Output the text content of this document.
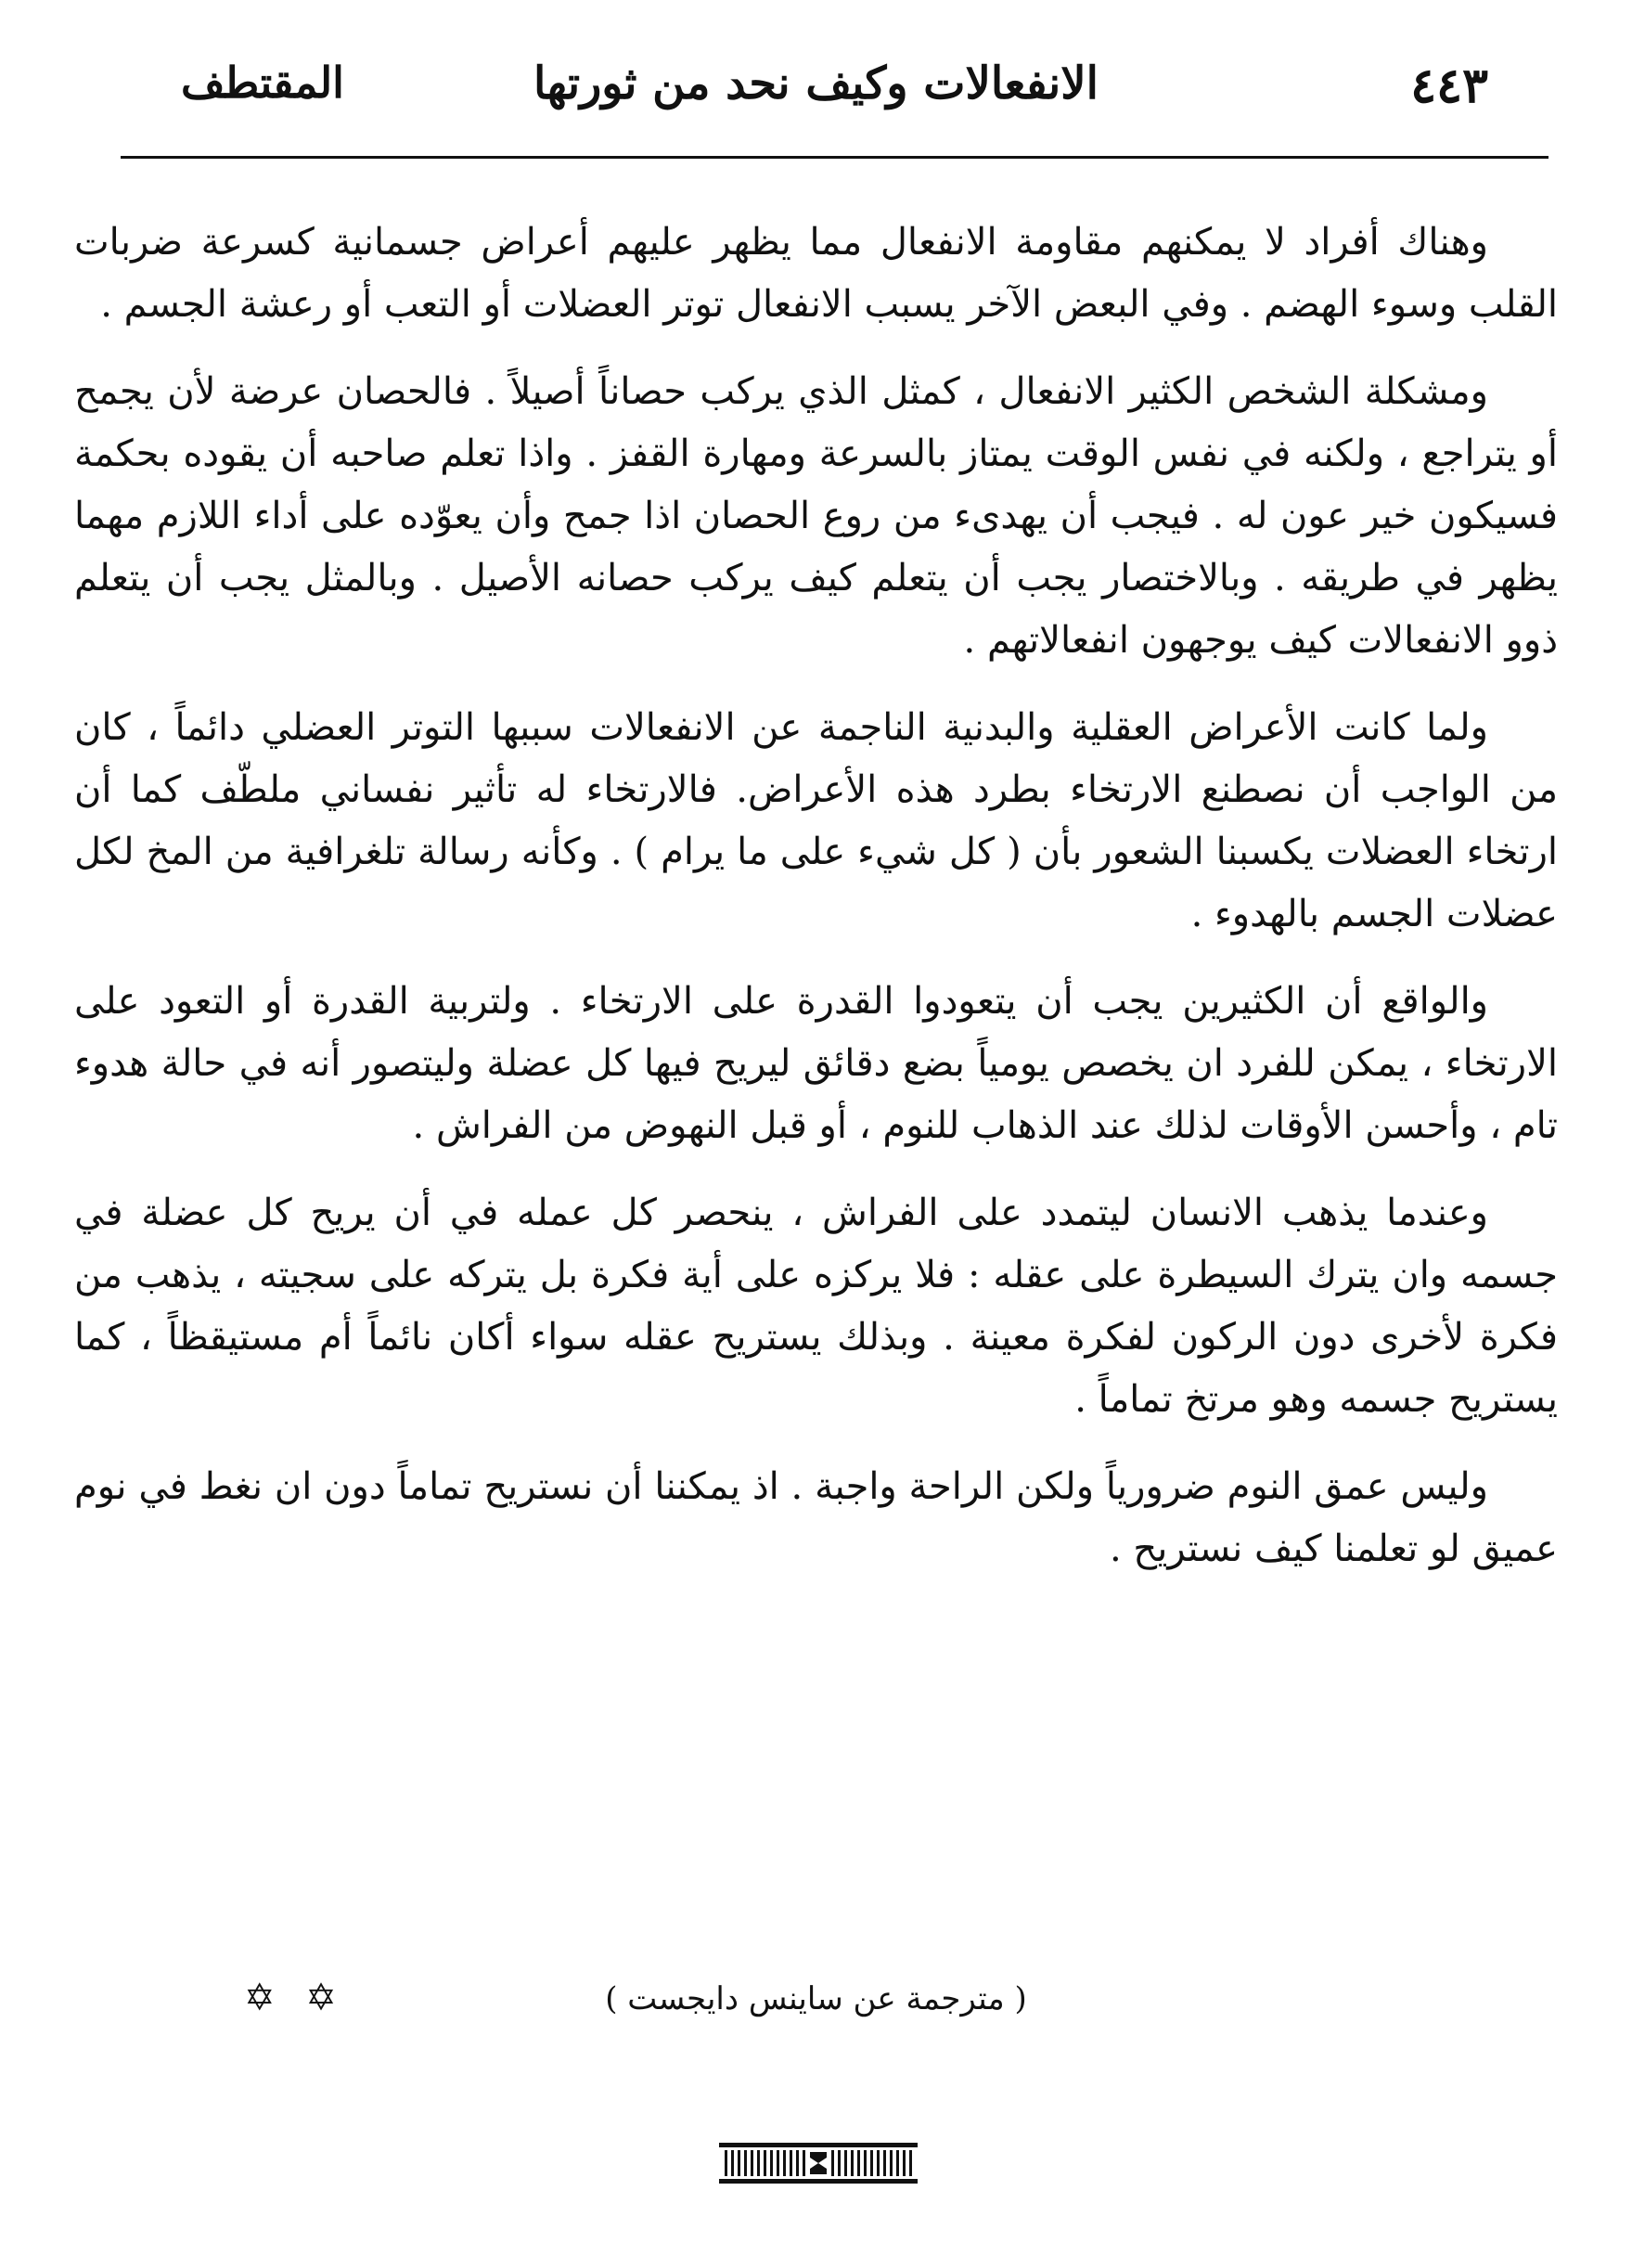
٤٤٣
الانفعالات وكيف نحد من ثورتها
المقتطف

وهناك أفراد لا يمكنهم مقاومة الانفعال مما يظهر عليهم أعراض جسمانية كسرعة ضربات القلب وسوء الهضم . وفي البعض الآخر يسبب الانفعال توتر العضلات أو التعب أو رعشة الجسم .

ومشكلة الشخص الكثير الانفعال ، كمثل الذي يركب حصاناً أصيلاً . فالحصان عرضة لأن يجمح أو يتراجع ، ولكنه في نفس الوقت يمتاز بالسرعة ومهارة القفز . واذا تعلم صاحبه أن يقوده بحكمة فسيكون خير عون له . فيجب أن يهدىء من روع الحصان اذا جمح وأن يعوّده على أداء اللازم مهما يظهر في طريقه . وبالاختصار يجب أن يتعلم كيف يركب حصانه الأصيل . وبالمثل يجب أن يتعلم ذوو الانفعالات كيف يوجهون انفعالاتهم .

ولما كانت الأعراض العقلية والبدنية الناجمة عن الانفعالات سببها التوتر العضلي دائماً ، كان من الواجب أن نصطنع الارتخاء بطرد هذه الأعراض. فالارتخاء له تأثير نفساني ملطّف كما أن ارتخاء العضلات يكسبنا الشعور بأن ( كل شيء على ما يرام ) . وكأنه رسالة تلغرافية من المخ لكل عضلات الجسم بالهدوء .

والواقع أن الكثيرين يجب أن يتعودوا القدرة على الارتخاء . ولتربية القدرة أو التعود على الارتخاء ، يمكن للفرد ان يخصص يومياً بضع دقائق ليريح فيها كل عضلة وليتصور أنه في حالة هدوء تام ، وأحسن الأوقات لذلك عند الذهاب للنوم ، أو قبل النهوض من الفراش .

وعندما يذهب الانسان ليتمدد على الفراش ، ينحصر كل عمله في أن يريح كل عضلة في جسمه وان يترك السيطرة على عقله : فلا يركزه على أية فكرة بل يتركه على سجيته ، يذهب من فكرة لأخرى دون الركون لفكرة معينة . وبذلك يستريح عقله سواء أكان نائماً أم مستيقظاً ، كما يستريح جسمه وهو مرتخ تماماً .

وليس عمق النوم ضرورياً ولكن الراحة واجبة . اذ يمكننا أن نستريح تماماً دون ان نغط في نوم عميق لو تعلمنا كيف نستريح .

( مترجمة عن ساينس دايجست )
✡ ✡
